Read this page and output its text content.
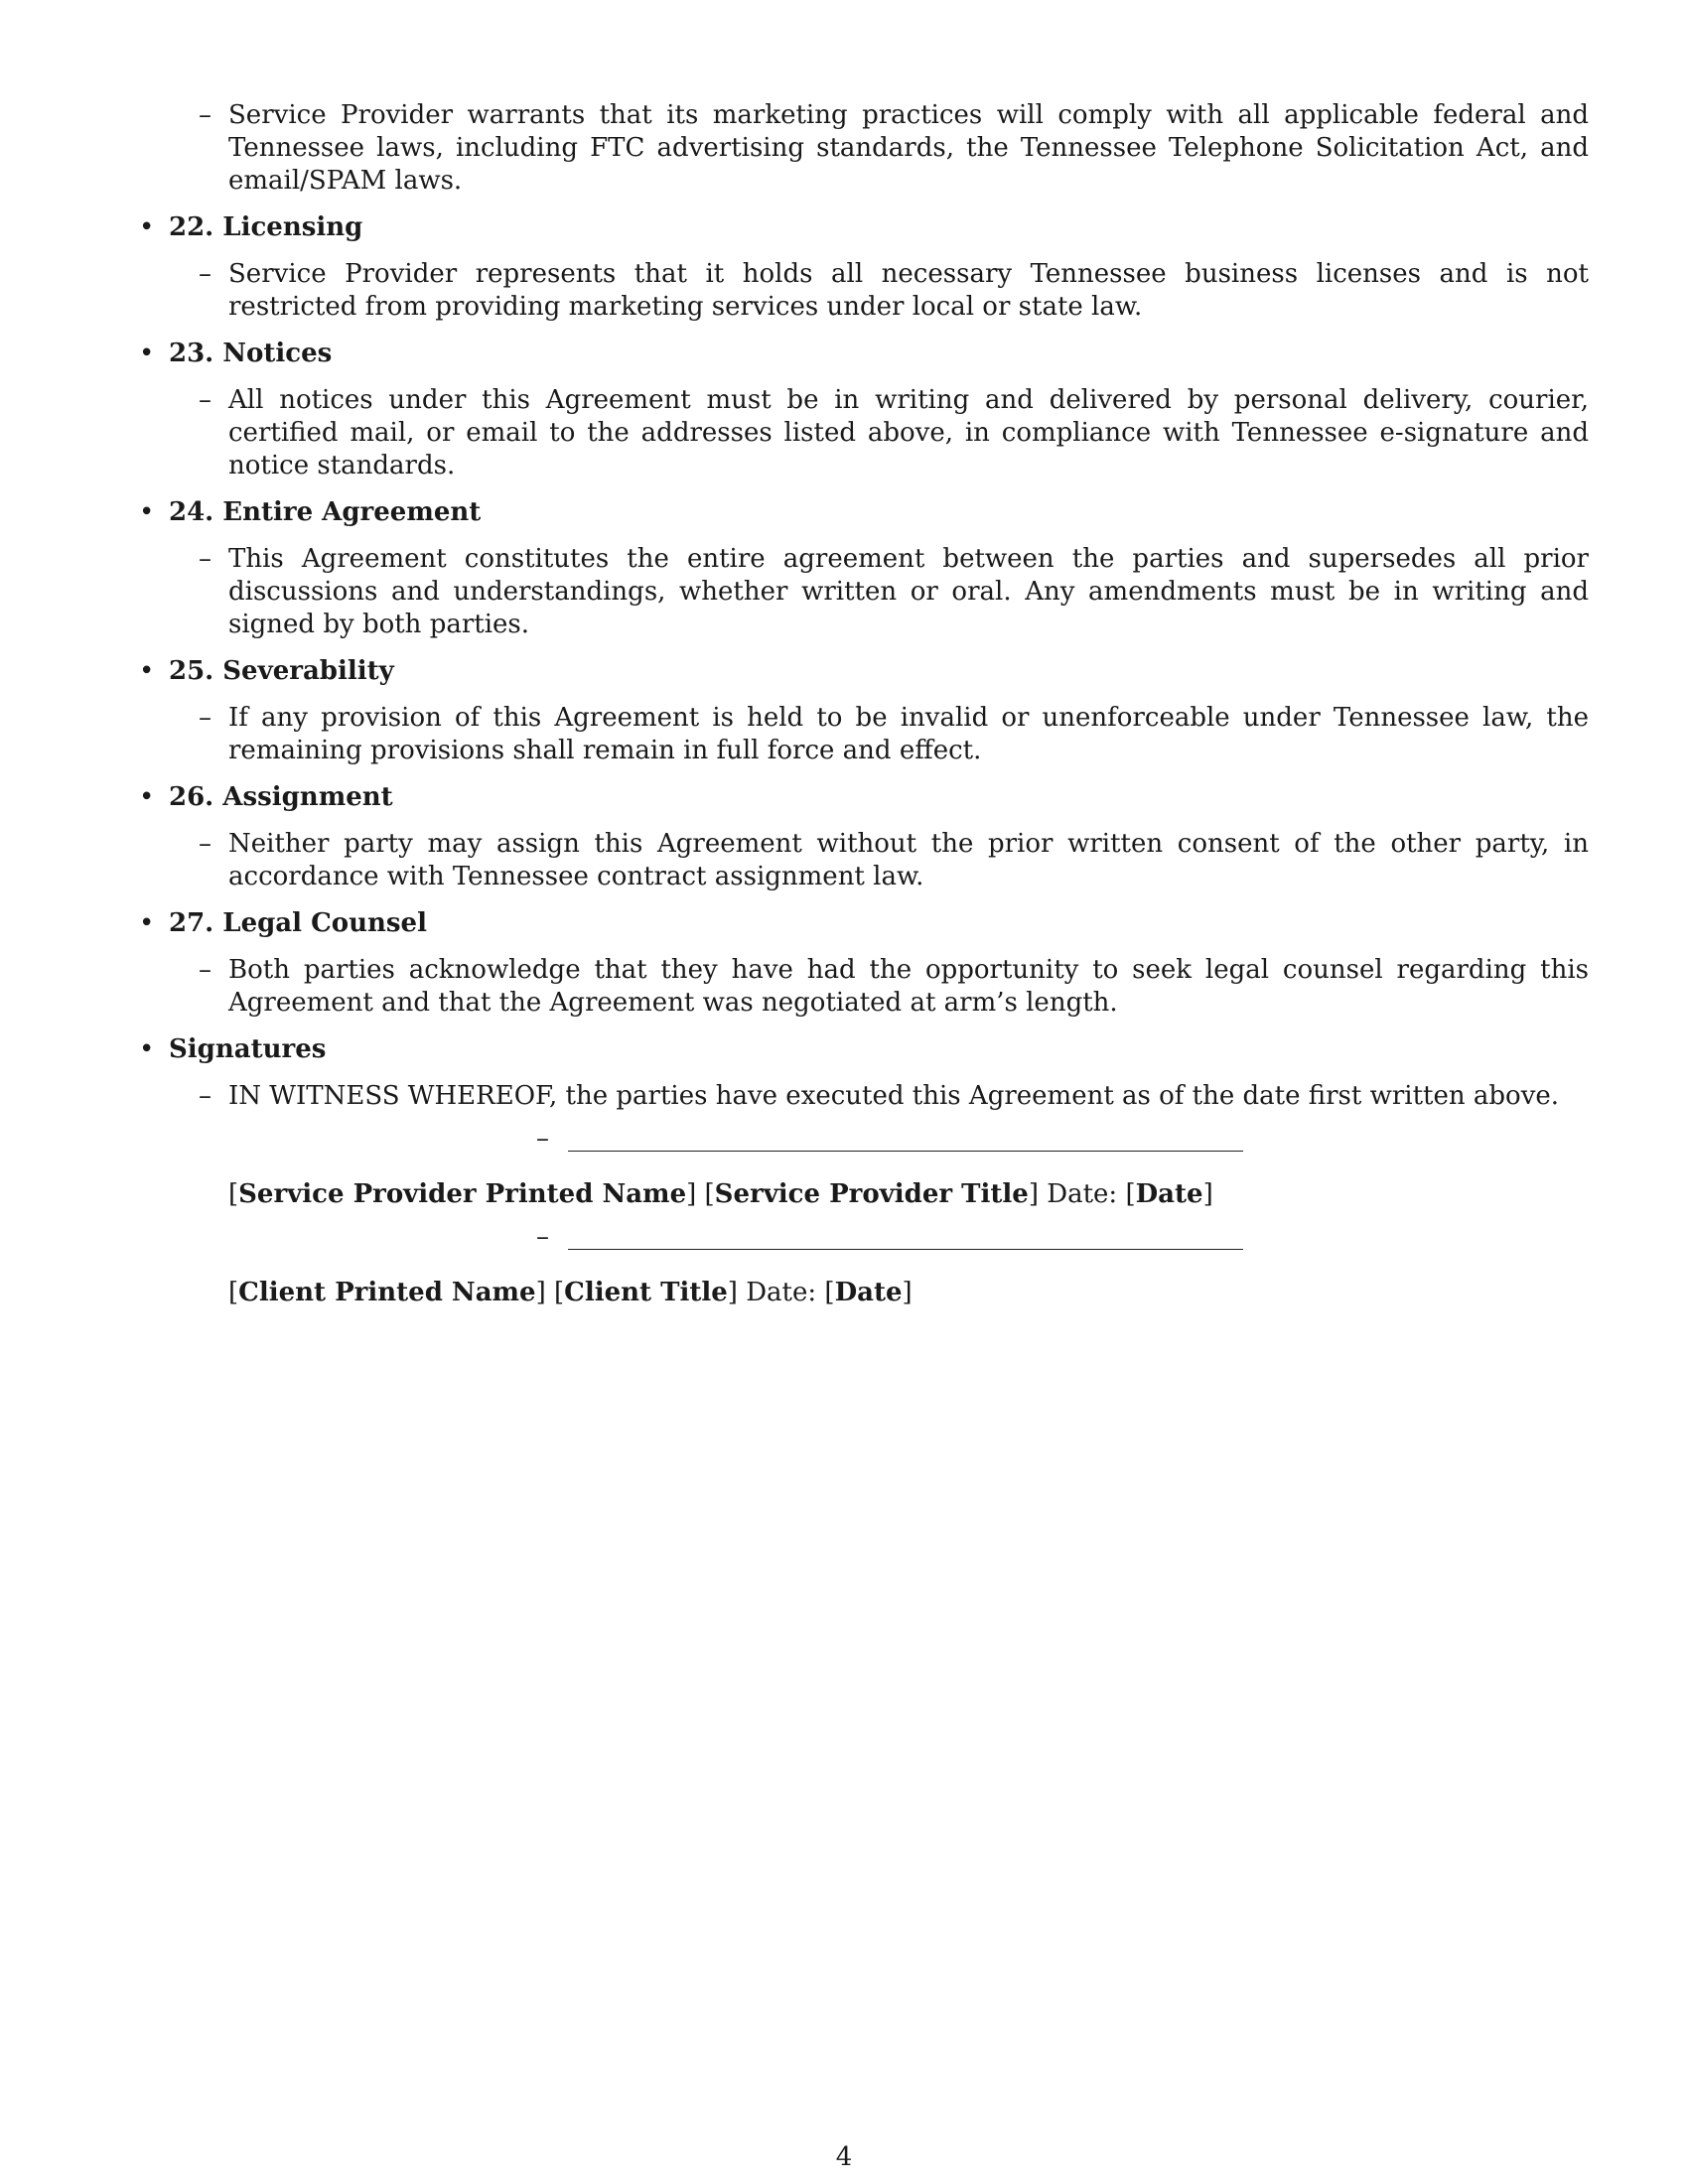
– Service Provider warrants that its marketing practices will comply with all applicable federal and Tennessee laws, including FTC advertising standards, the Tennessee Telephone Solicitation Act, and email/SPAM laws.

• 22. Licensing

– Service Provider represents that it holds all necessary Tennessee business licenses and is not restricted from providing marketing services under local or state law.

• 23. Notices

– All notices under this Agreement must be in writing and delivered by personal delivery, courier, certified mail, or email to the addresses listed above, in compliance with Tennessee e-signature and notice standards.

• 24. Entire Agreement

– This Agreement constitutes the entire agreement between the parties and supersedes all prior discussions and understandings, whether written or oral. Any amendments must be in writing and signed by both parties.

• 25. Severability

– If any provision of this Agreement is held to be invalid or unenforceable under Tennessee law, the remaining provisions shall remain in full force and effect.

• 26. Assignment

– Neither party may assign this Agreement without the prior written consent of the other party, in accordance with Tennessee contract assignment law.

• 27. Legal Counsel

– Both parties acknowledge that they have had the opportunity to seek legal counsel regarding this Agreement and that the Agreement was negotiated at arm’s length.

• Signatures

– IN WITNESS WHEREOF, the parties have executed this Agreement as of the date first written above.

–

[Service Provider Printed Name] [Service Provider Title] Date: [Date]

–

[Client Printed Name] [Client Title] Date: [Date]

4
